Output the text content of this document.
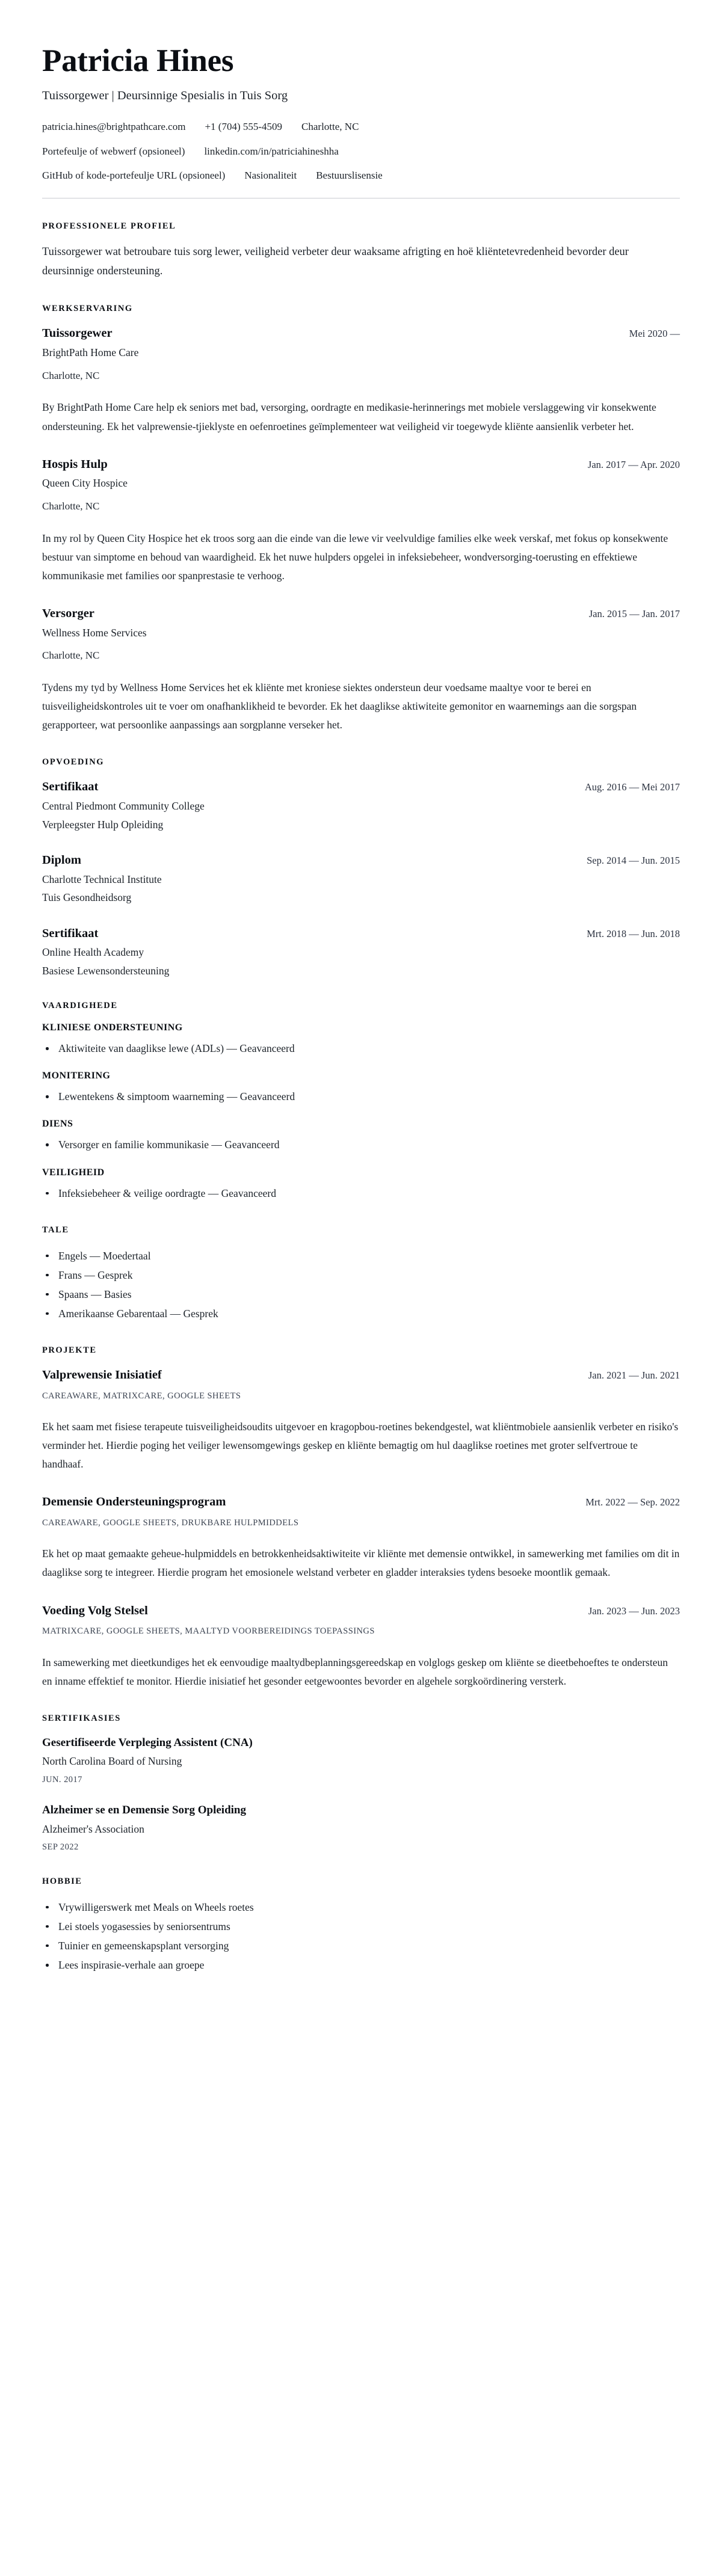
Patricia Hines
Tuissorgewer | Deursinnige Spesialis in Tuis Sorg
patricia.hines@brightpathcare.com +1 (704) 555-4509 Charlotte, NC
Portefeulje of webwerf (opsioneel) linkedin.com/in/patriciahineshha
GitHub of kode-portefeulje URL (opsioneel) Nasionaliteit Bestuurslisensie
PROFESSIONELE PROFIEL

Tuissorgewer wat betroubare tuis sorg lewer, veiligheid verbeter deur waaksame afrigting en hoë kliëntetevredenheid bevorder deur deursinnige ondersteuning.

WERKSERVARING
Tuissorgewer	Mei 2020 —
BrightPath Home Care
Charlotte, NC

By BrightPath Home Care help ek seniors met bad, versorging, oordragte en medikasie-herinnerings met mobiele verslaggewing vir konsekwente ondersteuning. Ek het valprewensie-tjieklyste en oefenroetines geïmplementeer wat veiligheid vir toegewyde kliënte aansienlik verbeter het.

Hospis Hulp	Jan. 2017 — Apr. 2020
Queen City Hospice
Charlotte, NC

In my rol by Queen City Hospice het ek troos sorg aan die einde van die lewe vir veelvuldige families elke week verskaf, met fokus op konsekwente bestuur van simptome en behoud van waardigheid. Ek het nuwe hulpders opgelei in infeksiebeheer, wondversorging-toerusting en effektiewe kommunikasie met families oor spanprestasie te verhoog.

Versorger	Jan. 2015 — Jan. 2017
Wellness Home Services
Charlotte, NC

Tydens my tyd by Wellness Home Services het ek kliënte met kroniese siektes ondersteun deur voedsame maaltye voor te berei en tuisveiligheidskontroles uit te voer om onafhanklikheid te bevorder. Ek het daaglikse aktiwiteite gemonitor en waarnemings aan die sorgspan gerapporteer, wat persoonlike aanpassings aan sorgplanne verseker het.

OPVOEDING
Sertifikaat	Aug. 2016 — Mei 2017
Central Piedmont Community College
Verpleegster Hulp Opleiding
Diplom	Sep. 2014 — Jun. 2015
Charlotte Technical Institute
Tuis Gesondheidsorg
Sertifikaat	Mrt. 2018 — Jun. 2018
Online Health Academy
Basiese Lewensondersteuning
VAARDIGHEDE
KLINIESE ONDERSTEUNING
Aktiwiteite van daaglikse lewe (ADLs) — Geavanceerd
MONITERING
Lewentekens & simptoom waarneming — Geavanceerd
DIENS
Versorger en familie kommunikasie — Geavanceerd
VEILIGHEID
Infeksiebeheer & veilige oordragte — Geavanceerd
TALE
Engels — Moedertaal
Frans — Gesprek
Spaans — Basies
Amerikaanse Gebarentaal — Gesprek
PROJEKTE
Valprewensie Inisiatief	Jan. 2021 — Jun. 2021
CAREAWARE, MATRIXCARE, GOOGLE SHEETS

Ek het saam met fisiese terapeute tuisveiligheidsoudits uitgevoer en kragopbou-roetines bekendgestel, wat kliëntmobiele aansienlik verbeter en risiko's verminder het. Hierdie poging het veiliger lewensomgewings geskep en kliënte bemagtig om hul daaglikse roetines met groter selfvertroue te handhaaf.

Demensie Ondersteuningsprogram	Mrt. 2022 — Sep. 2022
CAREAWARE, GOOGLE SHEETS, DRUKBARE HULPMIDDELS

Ek het op maat gemaakte geheue-hulpmiddels en betrokkenheidsaktiwiteite vir kliënte met demensie ontwikkel, in samewerking met families om dit in daaglikse sorg te integreer. Hierdie program het emosionele welstand verbeter en gladder interaksies tydens besoeke moontlik gemaak.

Voeding Volg Stelsel	Jan. 2023 — Jun. 2023
MATRIXCARE, GOOGLE SHEETS, MAALTYD VOORBEREIDINGS TOEPASSINGS

In samewerking met dieetkundiges het ek eenvoudige maaltydbeplanningsgereedskap en volglogs geskep om kliënte se dieetbehoeftes te ondersteun en inname effektief te monitor. Hierdie inisiatief het gesonder eetgewoontes bevorder en algehele sorgkoördinering versterk.

SERTIFIKASIES
Gesertifiseerde Verpleging Assistent (CNA)
North Carolina Board of Nursing
JUN. 2017
Alzheimer se en Demensie Sorg Opleiding
Alzheimer's Association
SEP 2022
HOBBIE
Vrywilligerswerk met Meals on Wheels roetes
Lei stoels yogasessies by seniorsentrums
Tuinier en gemeenskapsplant versorging
Lees inspirasie-verhale aan groepe
